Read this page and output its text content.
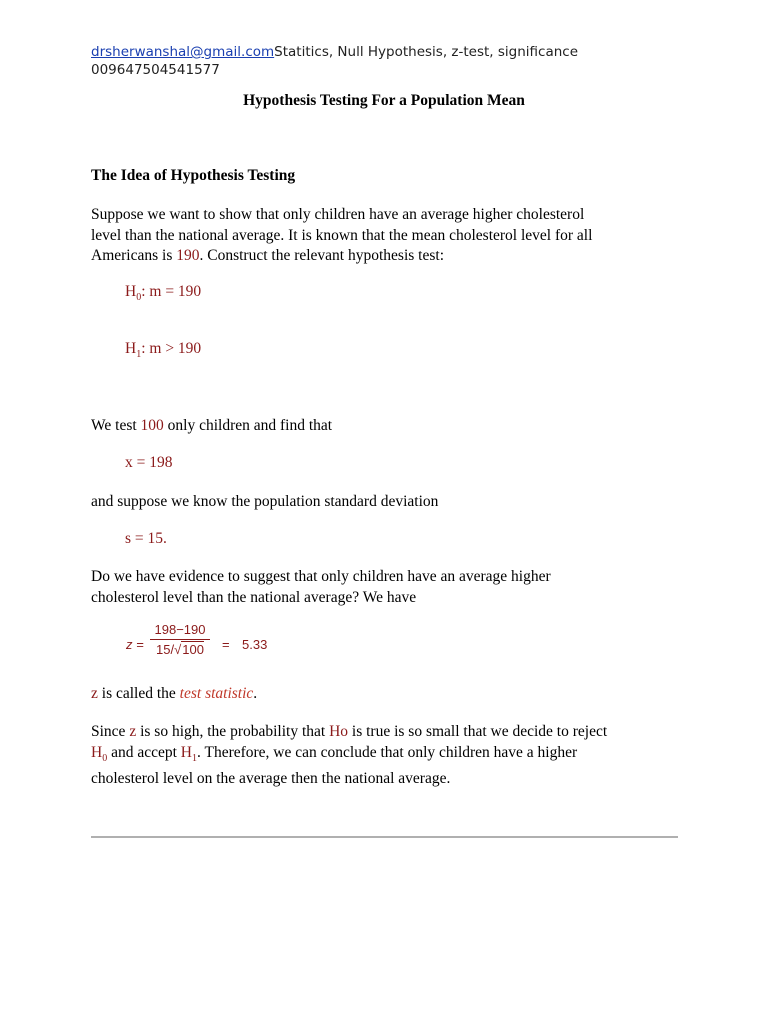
drsherwanshal@gmail.comStatitics, Null Hypothesis, z-test, significance
009647504541577
Hypothesis Testing For a Population Mean
The Idea of Hypothesis Testing
Suppose we want to show that only children have an average higher cholesterol
level than the national average. It is known that the mean cholesterol level for all
Americans is 190. Construct the relevant hypothesis test:
$H_0$: m = 190
$H_1$: m > 190
We test 100 only children and find that
x = 198
and suppose we know the population standard deviation
s = 15.
Do we have evidence to suggest that only children have an average higher
cholesterol level than the national average? We have
z =
198−190
15/√100	= 5.33
z is called the test statistic.
Since z is so high, the probability that Ho is true is so small that we decide to reject
$H_0$ and accept $H_1$. Therefore, we can conclude that only children have a higher
cholesterol level on the average then the national average.
